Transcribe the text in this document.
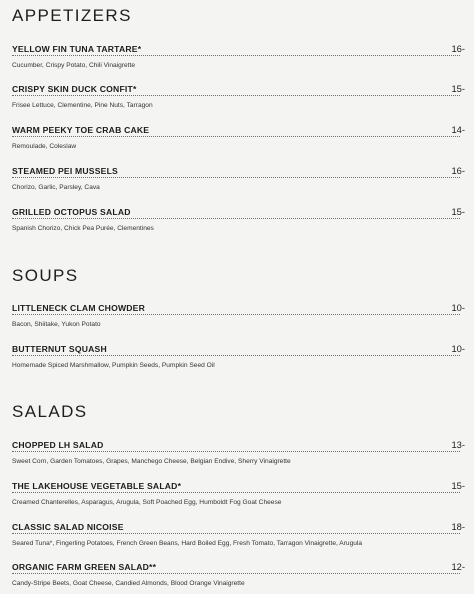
APPETIZERS
YELLOW FIN TUNA TARTARE*	16-
Cucumber, Crispy Potato, Chili Vinaigrette
CRISPY SKIN DUCK CONFIT*	15-
Frisee Lettuce, Clementine, Pine Nuts, Tarragon
WARM PEEKY TOE CRAB CAKE	14-
Remoulade, Coleslaw
STEAMED PEI MUSSELS	16-
Chorizo, Garlic, Parsley, Cava
GRILLED OCTOPUS SALAD	15-
Spanish Chorizo, Chick Pea Purée, Clementines
SOUPS
LITTLENECK CLAM CHOWDER	10-
Bacon, Shiitake, Yukon Potato
BUTTERNUT SQUASH	10-
Homemade Spiced Marshmallow, Pumpkin Seeds, Pumpkin Seed Oil
SALADS
CHOPPED LH SALAD	13-
Sweet Corn, Garden Tomatoes, Grapes, Manchego Cheese, Belgian Endive, Sherry Vinaigrette
THE LAKEHOUSE VEGETABLE SALAD*	15-
Creamed Chanterelles, Asparagus, Arugula, Soft Poached Egg, Humboldt Fog Goat Cheese
CLASSIC SALAD NICOISE	18-
Seared Tuna*, Fingerling Potatoes, French Green Beans, Hard Boiled Egg, Fresh Tomato, Tarragon Vinaigrette, Arugula
ORGANIC FARM GREEN SALAD**	12-
Candy-Stripe Beets, Goat Cheese, Candied Almonds, Blood Orange Vinaigrette
